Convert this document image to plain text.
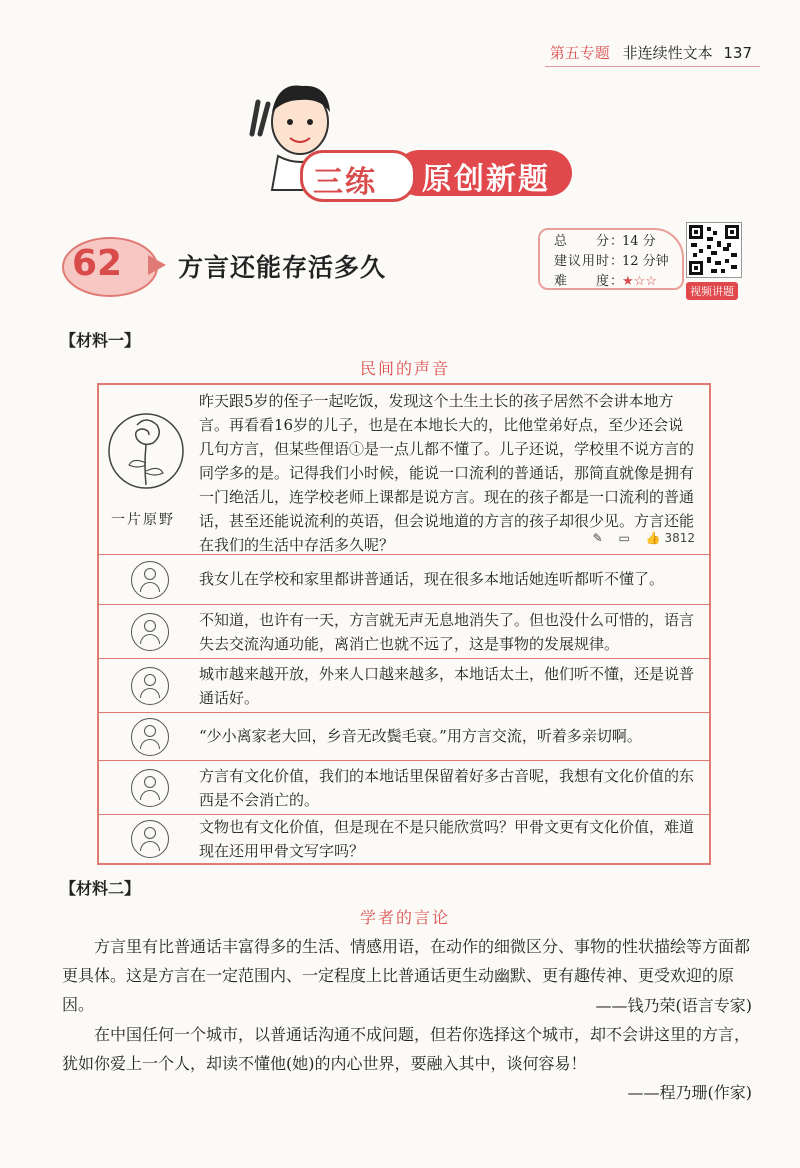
第五专题 非连续性文本 137
原创新题
三练
62 方言还能存活多久
总　　分：14 分
建议用时：12 分钟
难　　度：★☆☆
视频讲题
【材料一】
民间的声音
一片原野
昨天跟5岁的侄子一起吃饭，发现这个土生土长的孩子居然不会讲本地方言。再看看16岁的儿子，也是在本地长大的，比他堂弟好点，至少还会说几句方言，但某些俚语①是一点儿都不懂了。儿子还说，学校里不说方言的同学多的是。记得我们小时候，能说一口流利的普通话，那简直就像是拥有一门绝活儿，连学校老师上课都是说方言。现在的孩子都是一口流利的普通话，甚至还能说流利的英语，但会说地道的方言的孩子却很少见。方言还能在我们的生活中存活多久呢？	✎ ▭ 👍 3812
我女儿在学校和家里都讲普通话，现在很多本地话她连听都听不懂了。
不知道，也许有一天，方言就无声无息地消失了。但也没什么可惜的，语言失去交流沟通功能，离消亡也就不远了，这是事物的发展规律。
城市越来越开放，外来人口越来越多，本地话太土，他们听不懂，还是说普通话好。
“少小离家老大回，乡音无改鬓毛衰。”用方言交流，听着多亲切啊。
方言有文化价值，我们的本地话里保留着好多古音呢，我想有文化价值的东西是不会消亡的。
文物也有文化价值，但是现在不是只能欣赏吗？甲骨文更有文化价值，难道现在还用甲骨文写字吗？
【材料二】
学者的言论
方言里有比普通话丰富得多的生活、情感用语，在动作的细微区分、事物的性状描绘等方面都更具体。这是方言在一定范围内、一定程度上比普通话更生动幽默、更有趣传神、更受欢迎的原因。	——钱乃荣(语言专家)
在中国任何一个城市，以普通话沟通不成问题，但若你选择这个城市，却不会讲这里的方言，犹如你爱上一个人，却读不懂他(她)的内心世界，要融入其中，谈何容易！
——程乃珊(作家)
